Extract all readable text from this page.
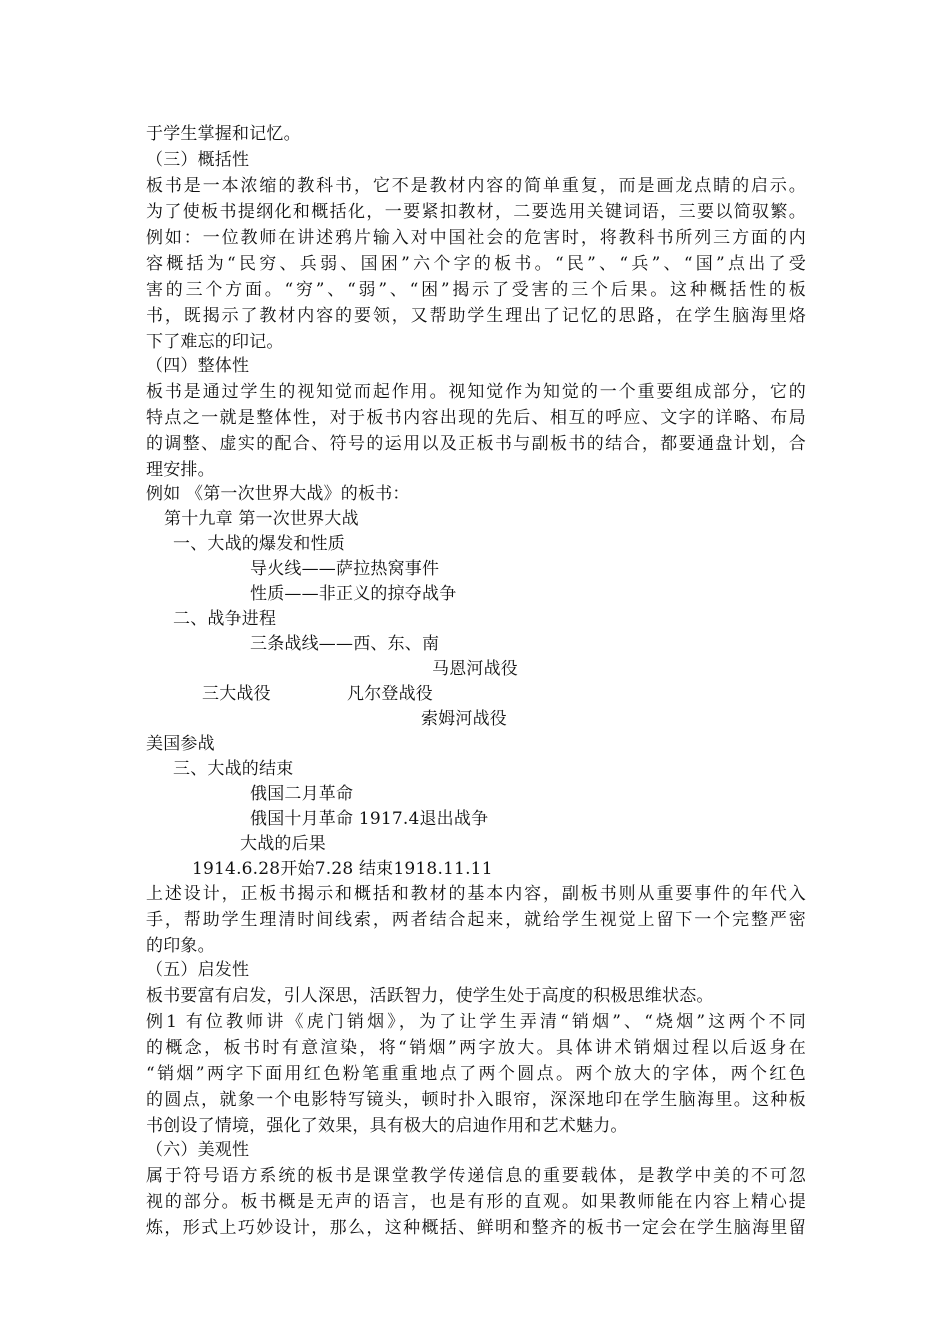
于学生掌握和记忆。
（三）概括性
板书是一本浓缩的教科书，它不是教材内容的简单重复，而是画龙点睛的启示。
为了使板书提纲化和概括化，一要紧扣教材，二要选用关键词语，三要以简驭繁。
例如：一位教师在讲述鸦片输入对中国社会的危害时，将教科书所列三方面的内
容概括为“民穷、兵弱、国困”六个字的板书。“民”、“兵”、“国”点出了受
害的三个方面。“穷”、“弱”、“困”揭示了受害的三个后果。这种概括性的板
书，既揭示了教材内容的要领，又帮助学生理出了记忆的思路，在学生脑海里烙
下了难忘的印记。
（四）整体性
板书是通过学生的视知觉而起作用。视知觉作为知觉的一个重要组成部分，它的
特点之一就是整体性，对于板书内容出现的先后、相互的呼应、文字的详略、布局
的调整、虚实的配合、符号的运用以及正板书与副板书的结合，都要通盘计划，合
理安排。
例如 《第一次世界大战》的板书：
第十九章 第一次世界大战
一、大战的爆发和性质
导火线——萨拉热窝事件
性质——非正义的掠夺战争
二、战争进程
三条战线——西、东、南
马恩河战役
三大战役	凡尔登战役
索姆河战役
美国参战
三、大战的结束
俄国二月革命
俄国十月革命 1917.4退出战争
大战的后果
1914.6.28开始7.28 结束1918.11.11
上述设计，正板书揭示和概括和教材的基本内容，副板书则从重要事件的年代入
手，帮助学生理清时间线索，两者结合起来，就给学生视觉上留下一个完整严密
的印象。
（五）启发性
板书要富有启发，引人深思，活跃智力，使学生处于高度的积极思维状态。
例1 有位教师讲《虎门销烟》，为了让学生弄清“销烟”、“烧烟”这两个不同
的概念，板书时有意渲染，将“销烟”两字放大。具体讲术销烟过程以后返身在
“销烟”两字下面用红色粉笔重重地点了两个圆点。两个放大的字体，两个红色
的圆点，就象一个电影特写镜头，顿时扑入眼帘，深深地印在学生脑海里。这种板
书创设了情境，强化了效果，具有极大的启迪作用和艺术魅力。
（六）美观性
属于符号语方系统的板书是课堂教学传递信息的重要载体，是教学中美的不可忽
视的部分。板书概是无声的语言，也是有形的直观。如果教师能在内容上精心提
炼，形式上巧妙设计，那么，这种概括、鲜明和整齐的板书一定会在学生脑海里留
